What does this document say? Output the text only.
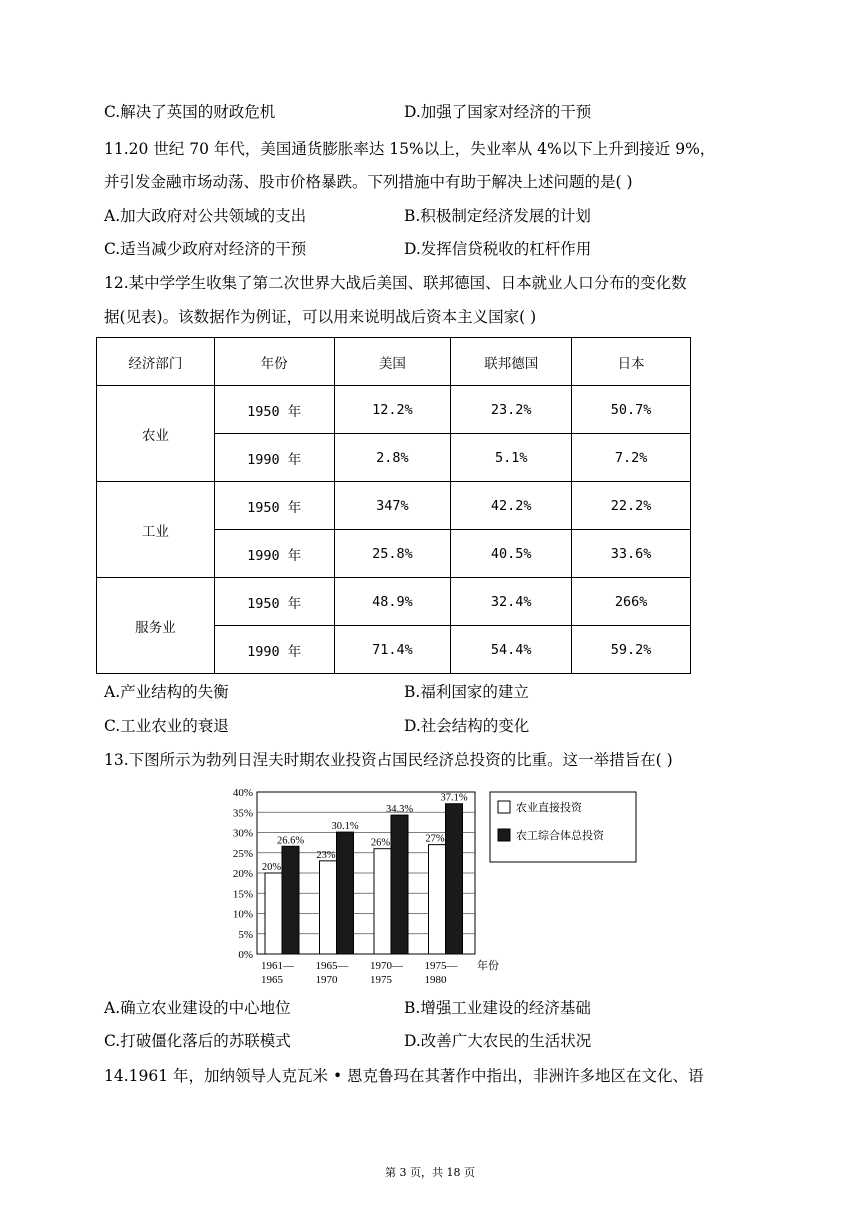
C.解决了英国的财政危机	D.加强了国家对经济的干预
11.20 世纪 70 年代，美国通货膨胀率达 15%以上，失业率从 4%以下上升到接近 9%，
并引发金融市场动荡、股市价格暴跌。下列措施中有助于解决上述问题的是( )
A.加大政府对公共领域的支出	B.积极制定经济发展的计划
C.适当减少政府对经济的干预	D.发挥信贷税收的杠杆作用
12.某中学学生收集了第二次世界大战后美国、联邦德国、日本就业人口分布的变化数
据(见表)。该数据作为例证，可以用来说明战后资本主义国家( )
经济部门	年份	美国	联邦德国	日本
农业	1950 年	12.2%	23.2%	50.7%
	1990 年	2.8%	5.1%	7.2%
工业	1950 年	347%	42.2%	22.2%
	1990 年	25.8%	40.5%	33.6%
服务业	1950 年	48.9%	32.4%	266%
	1990 年	71.4%	54.4%	59.2%
A.产业结构的失衡	B.福利国家的建立
C.工业农业的衰退	D.社会结构的变化
13.下图所示为勃列日涅夫时期农业投资占国民经济总投资的比重。这一举措旨在( )
0%
5%
10%
15%
20%
25%
30%
35%
40%
20%
26.6%
1961—
1965
23%
30.1%
1965—
1970
26%
34.3%
1970—
1975
27%
37.1%
1975—
1980
年份
农业直接投资
农工综合体总投资
A.确立农业建设的中心地位	B.增强工业建设的经济基础
C.打破僵化落后的苏联模式	D.改善广大农民的生活状况
14.1961 年，加纳领导人克瓦米 • 恩克鲁玛在其著作中指出，非洲许多地区在文化、语
第 3 页，共 18 页
